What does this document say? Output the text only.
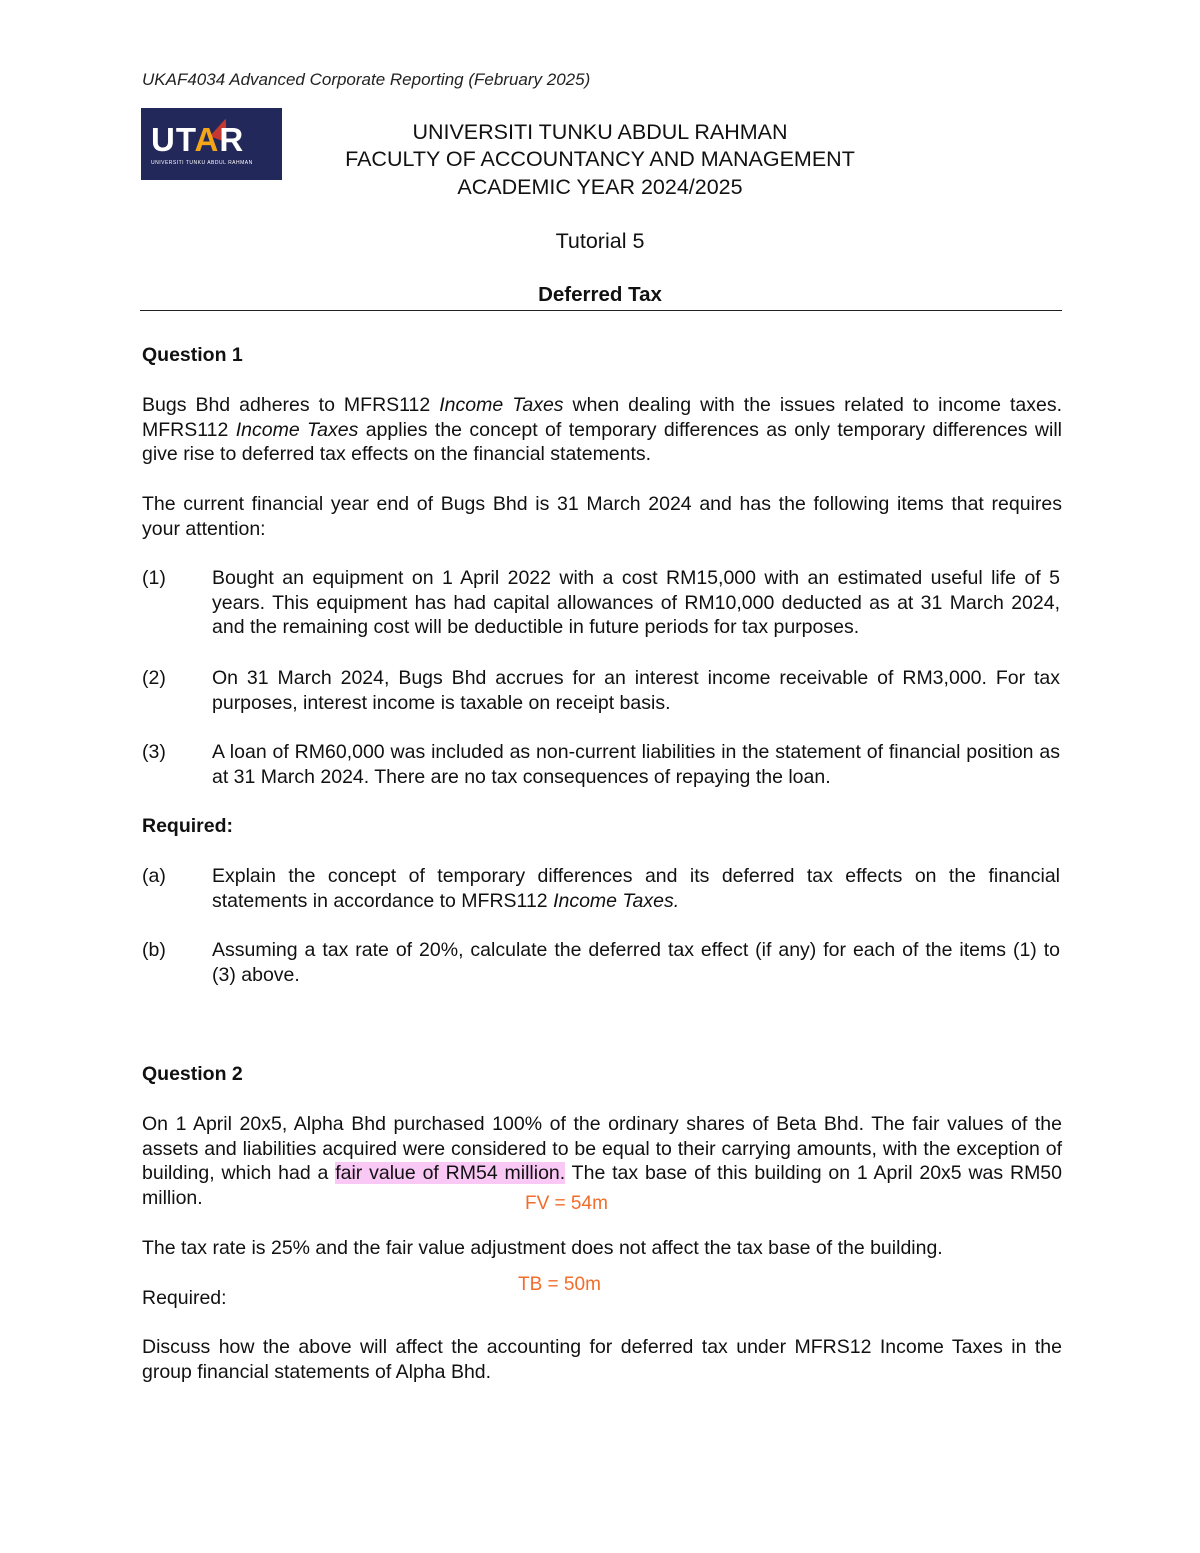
UKAF4034 Advanced Corporate Reporting (February 2025)
UTAR
UNIVERSITI TUNKU ABDUL RAHMAN
UNIVERSITI TUNKU ABDUL RAHMAN
FACULTY OF ACCOUNTANCY AND MANAGEMENT
ACADEMIC YEAR 2024/2025
Tutorial 5
Deferred Tax
Question 1
Bugs Bhd adheres to MFRS112 Income Taxes when dealing with the issues related to income taxes. MFRS112 Income Taxes applies the concept of temporary differences as only temporary differences will give rise to deferred tax effects on the financial statements.
The current financial year end of Bugs Bhd is 31 March 2024 and has the following items that requires your attention:
(1) Bought an equipment on 1 April 2022 with a cost RM15,000 with an estimated useful life of 5 years. This equipment has had capital allowances of RM10,000 deducted as at 31 March 2024, and the remaining cost will be deductible in future periods for tax purposes.
(2) On 31 March 2024, Bugs Bhd accrues for an interest income receivable of RM3,000. For tax purposes, interest income is taxable on receipt basis.
(3) A loan of RM60,000 was included as non-current liabilities in the statement of financial position as at 31 March 2024. There are no tax consequences of repaying the loan.
Required:
(a) Explain the concept of temporary differences and its deferred tax effects on the financial statements in accordance to MFRS112 Income Taxes.
(b) Assuming a tax rate of 20%, calculate the deferred tax effect (if any) for each of the items (1) to (3) above.
Question 2
On 1 April 20x5, Alpha Bhd purchased 100% of the ordinary shares of Beta Bhd. The fair values of the assets and liabilities acquired were considered to be equal to their carrying amounts, with the exception of building, which had a fair value of RM54 million. The tax base of this building on 1 April 20x5 was RM50 million.	FV = 54m
The tax rate is 25% and the fair value adjustment does not affect the tax base of the building.
TB = 50m
Required:
Discuss how the above will affect the accounting for deferred tax under MFRS12 Income Taxes in the group financial statements of Alpha Bhd.
